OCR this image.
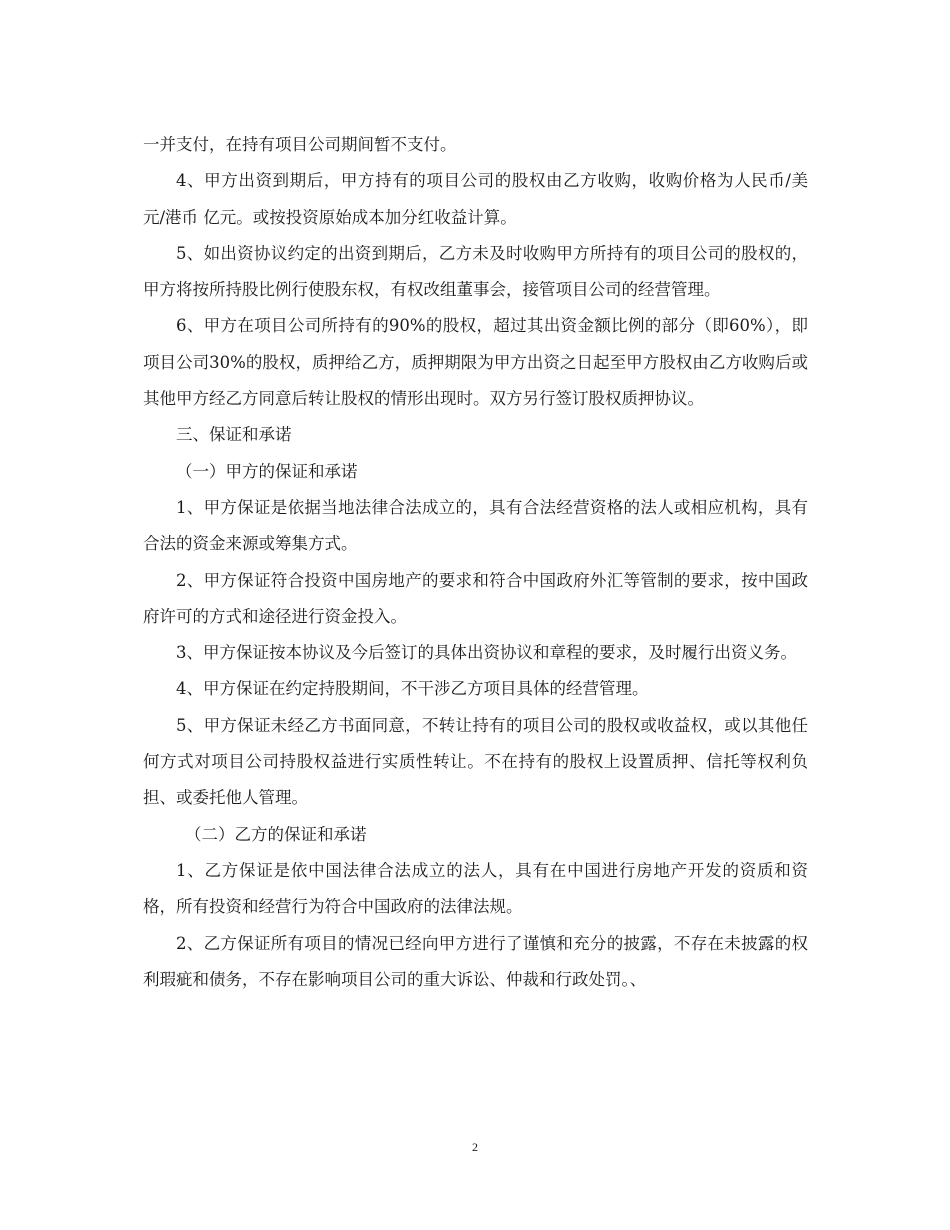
一并支付，在持有项目公司期间暂不支付。

4、甲方出资到期后，甲方持有的项目公司的股权由乙方收购，收购价格为人民币/美元/港币 亿元。或按投资原始成本加分红收益计算。

5、如出资协议约定的出资到期后，乙方未及时收购甲方所持有的项目公司的股权的，甲方将按所持股比例行使股东权，有权改组董事会，接管项目公司的经营管理。

6、甲方在项目公司所持有的90%的股权，超过其出资金额比例的部分（即60%），即项目公司30%的股权，质押给乙方，质押期限为甲方出资之日起至甲方股权由乙方收购后或其他甲方经乙方同意后转让股权的情形出现时。双方另行签订股权质押协议。

三、保证和承诺

（一）甲方的保证和承诺

1、甲方保证是依据当地法律合法成立的，具有合法经营资格的法人或相应机构，具有合法的资金来源或筹集方式。

2、甲方保证符合投资中国房地产的要求和符合中国政府外汇等管制的要求，按中国政府许可的方式和途径进行资金投入。

3、甲方保证按本协议及今后签订的具体出资协议和章程的要求，及时履行出资义务。

4、甲方保证在约定持股期间，不干涉乙方项目具体的经营管理。

5、甲方保证未经乙方书面同意，不转让持有的项目公司的股权或收益权，或以其他任何方式对项目公司持股权益进行实质性转让。不在持有的股权上设置质押、信托等权利负担、或委托他人管理。

（二）乙方的保证和承诺

1、乙方保证是依中国法律合法成立的法人，具有在中国进行房地产开发的资质和资格，所有投资和经营行为符合中国政府的法律法规。

2、乙方保证所有项目的情况已经向甲方进行了谨慎和充分的披露，不存在未披露的权利瑕疵和债务，不存在影响项目公司的重大诉讼、仲裁和行政处罚。、

2
